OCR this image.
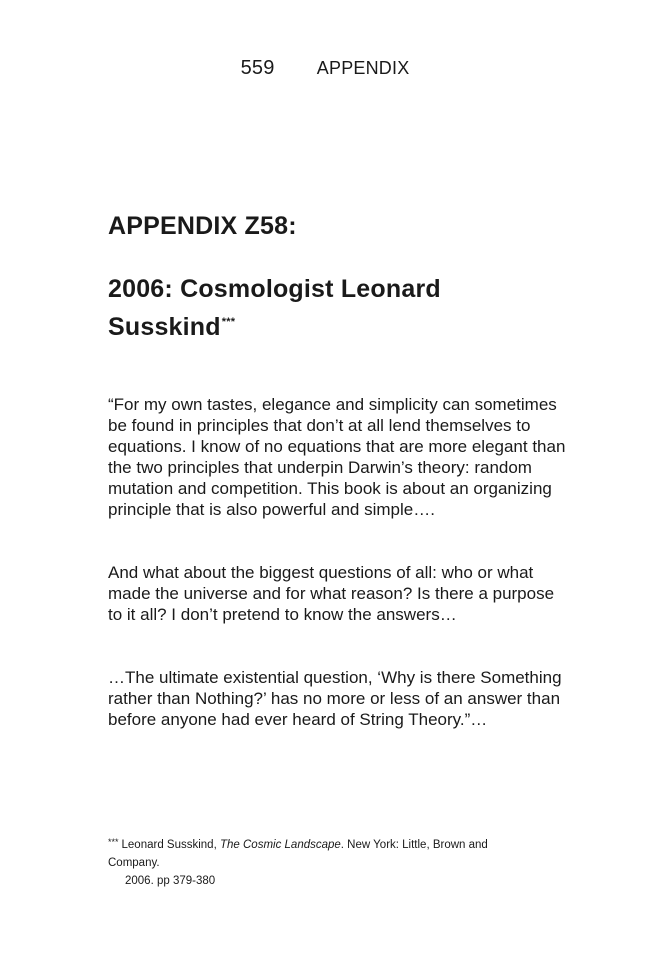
559 APPENDIX
APPENDIX Z58:
2006: Cosmologist Leonard Susskind***

“For my own tastes, elegance and simplicity can sometimes be found in principles that don’t at all lend themselves to equations. I know of no equations that are more elegant than the two principles that underpin Darwin’s theory: random mutation and competition. This book is about an organizing principle that is also powerful and simple….

And what about the biggest questions of all: who or what made the universe and for what reason? Is there a purpose to it all? I don’t pretend to know the answers…

…The ultimate existential question, ‘Why is there Something rather than Nothing?’ has no more or less of an answer than before anyone had ever heard of String Theory.”…

*** Leonard Susskind, The Cosmic Landscape. New York: Little, Brown and Company.
2006. pp 379-380
